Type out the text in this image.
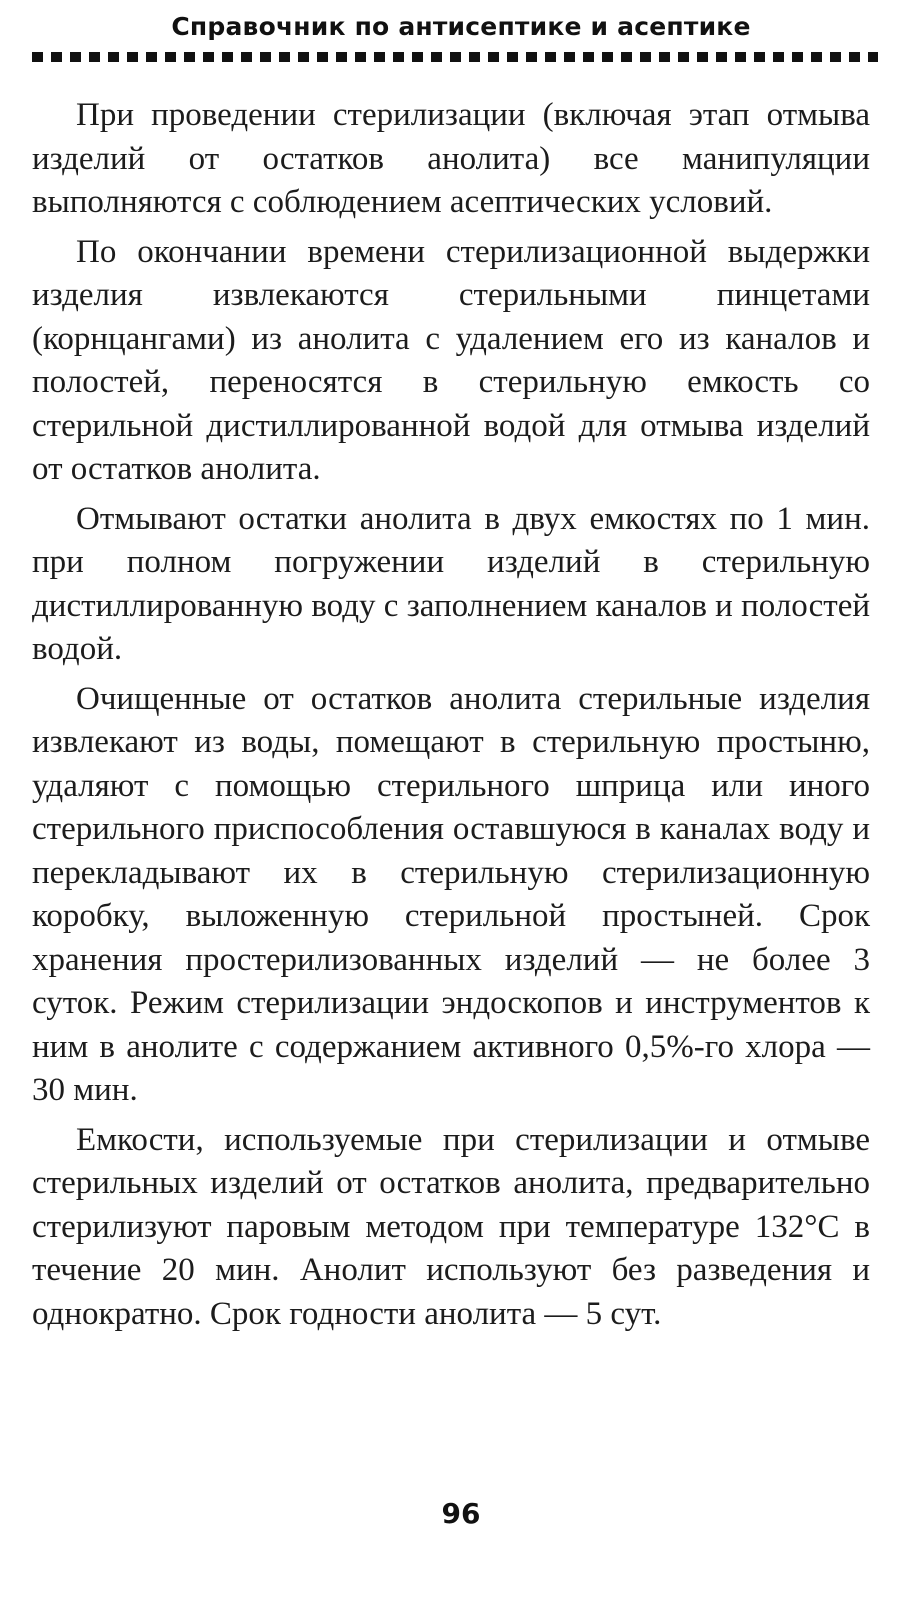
Справочник по антисептике и асептике

При проведении стерилизации (включая этап отмыва изделий от остатков анолита) все манипуляции выполняются с соблюдением асептических условий.

По окончании времени стерилизационной выдержки изделия извлекаются стерильными пинцетами (корнцангами) из анолита с удалением его из каналов и полостей, переносятся в стерильную емкость со стерильной дистиллированной водой для отмыва изделий от остатков анолита.

Отмывают остатки анолита в двух емкостях по 1 мин. при полном погружении изделий в стерильную дистиллированную воду с заполнением каналов и полостей водой.

Очищенные от остатков анолита стерильные изделия извлекают из воды, помещают в стерильную простыню, удаляют с помощью стерильного шприца или иного стерильного приспособления оставшуюся в каналах воду и перекладывают их в стерильную стерилизационную коробку, выложенную стерильной простыней. Срок хранения простерилизованных изделий — не более 3 суток. Режим стерилизации эндоскопов и инструментов к ним в анолите с содержанием активного 0,5%-го хлора — 30 мин.

Емкости, используемые при стерилизации и отмыве стерильных изделий от остатков анолита, предварительно стерилизуют паровым методом при температуре 132°С в течение 20 мин. Анолит используют без разведения и однократно. Срок годности анолита — 5 сут.

96
